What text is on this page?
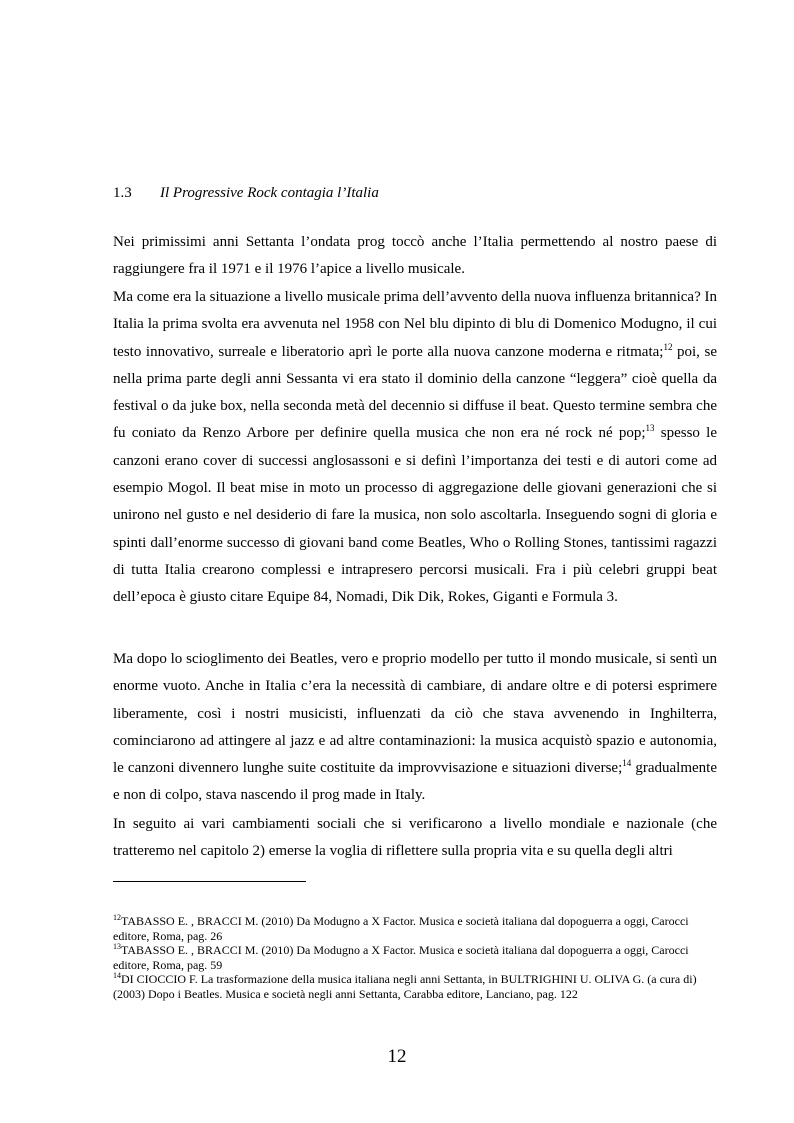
1.3 Il Progressive Rock contagia l’Italia

Nei primissimi anni Settanta l’ondata prog toccò anche l’Italia permettendo al nostro paese di raggiungere fra il 1971 e il 1976 l’apice a livello musicale.

Ma come era la situazione a livello musicale prima dell’avvento della nuova influenza britannica? In Italia la prima svolta era avvenuta nel 1958 con Nel blu dipinto di blu di Domenico Modugno, il cui testo innovativo, surreale e liberatorio aprì le porte alla nuova canzone moderna e ritmata;$^{12}$ poi, se nella prima parte degli anni Sessanta vi era stato il dominio della canzone “leggera” cioè quella da festival o da juke box, nella seconda metà del decennio si diffuse il beat. Questo termine sembra che fu coniato da Renzo Arbore per definire quella musica che non era né rock né pop;$^{13}$ spesso le canzoni erano cover di successi anglosassoni e si definì l’importanza dei testi e di autori come ad esempio Mogol. Il beat mise in moto un processo di aggregazione delle giovani generazioni che si unirono nel gusto e nel desiderio di fare la musica, non solo ascoltarla. Inseguendo sogni di gloria e spinti dall’enorme successo di giovani band come Beatles, Who o Rolling Stones, tantissimi ragazzi di tutta Italia crearono complessi e intrapresero percorsi musicali. Fra i più celebri gruppi beat dell’epoca è giusto citare Equipe 84, Nomadi, Dik Dik, Rokes, Giganti e Formula 3.

Ma dopo lo scioglimento dei Beatles, vero e proprio modello per tutto il mondo musicale, si sentì un enorme vuoto. Anche in Italia c’era la necessità di cambiare, di andare oltre e di potersi esprimere liberamente, così i nostri musicisti, influenzati da ciò che stava avvenendo in Inghilterra, cominciarono ad attingere al jazz e ad altre contaminazioni: la musica acquistò spazio e autonomia, le canzoni divennero lunghe suite costituite da improvvisazione e situazioni diverse;$^{14}$ gradualmente e non di colpo, stava nascendo il prog made in Italy.

In seguito ai vari cambiamenti sociali che si verificarono a livello mondiale e nazionale (che tratteremo nel capitolo 2) emerse la voglia di riflettere sulla propria vita e su quella degli altri

$^{12}$TABASSO E. , BRACCI M. (2010) Da Modugno a X Factor. Musica e società italiana dal dopoguerra a oggi, Carocci editore, Roma, pag. 26

$^{13}$TABASSO E. , BRACCI M. (2010) Da Modugno a X Factor. Musica e società italiana dal dopoguerra a oggi, Carocci editore, Roma, pag. 59

$^{14}$DI CIOCCIO F. La trasformazione della musica italiana negli anni Settanta, in BULTRIGHINI U. OLIVA G. (a cura di) (2003) Dopo i Beatles. Musica e società negli anni Settanta, Carabba editore, Lanciano, pag. 122

12
